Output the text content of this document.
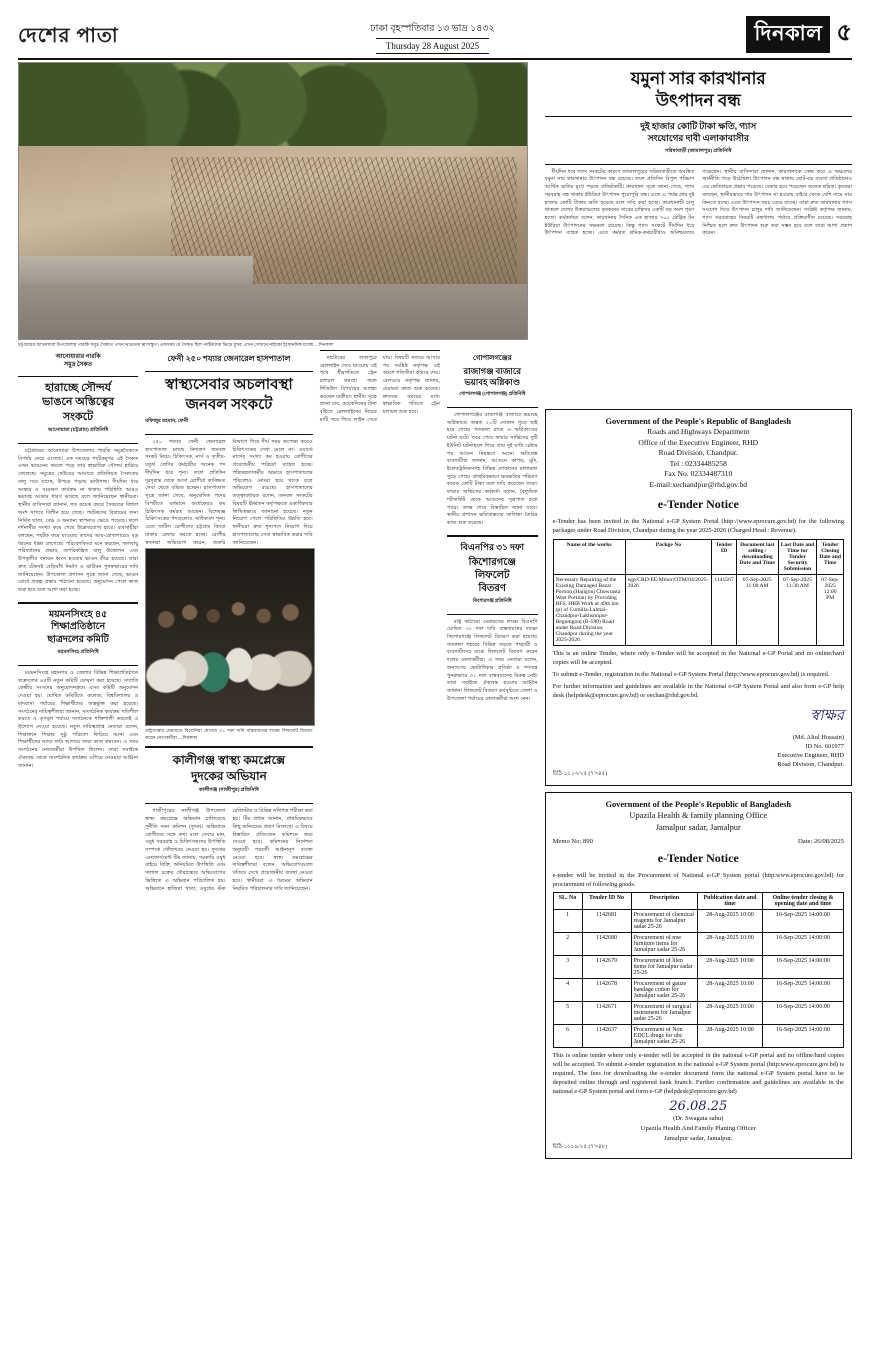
দেশের পাতা	ঢাকা বৃহস্পতিবার ১৩ ভাদ্র ১৪৩২
Thursday 28 August 2025
দিনকাল ৫
আনোয়ারার পারকি
সমুদ্র সৈকত
হারাচ্ছে সৌন্দর্য
ভাঙনে অস্তিত্বের
সংকটে
আনোয়ারা (চট্টগ্রাম) প্রতিনিধি

চট্টগ্রামের আনোয়ারা উপজেলার পারকি সমুদ্রসৈকতে বিপর্যয় নেমে এসেছে। এক সময়ের পর্যটকমুখর এই সৈকত এখন ভাঙনের কবলে পড়ে তার স্বাভাবিক সৌন্দর্য হারিয়ে ফেলেছে। সমুদ্রের ঢেউয়ের আঘাতে প্রতিনিয়ত সৈকতের বালু সরে যাচ্ছে, উপড়ে পড়ছে ঝাউগাছ। দীর্ঘদিন ধরে সংস্কার ও সংরক্ষণ কার্যক্রম না থাকায় পরিস্থিতি আরও ভয়াবহ আকার ধারণ করেছে বলে জানিয়েছেন স্থানীয়রা। স্থানীয় বাসিন্দারা জানান, গত কয়েক বছরে সৈকতের বিশাল অংশ সাগরে বিলীন হয়ে গেছে। পর্যটকদের বিশ্রামের জন্য নির্মিত ছাতা, বেঞ্চ ও অন্যান্য স্থাপনাও ভেঙে পড়েছে। ফলে দর্শনার্থীর সংখ্যা কমে গেছে উল্লেখযোগ্য হারে। ব্যবসায়ীরা বলছেন, পর্যটক কমে যাওয়ায় তাদের আয়-রোজগারেও বড় ধরনের ধাক্কা লেগেছে। পরিবেশবিদরা মনে করছেন, জলবায়ু পরিবর্তনের প্রভাব, অপরিকল্পিত বালু উত্তোলন এবং উপকূলীয় বনায়ন ধ্বংস হওয়ায় ভাঙন তীব্র হয়েছে। তারা দ্রুত টেকসই বেড়িবাঁধ নির্মাণ ও ঝাউবন পুনরুদ্ধারের দাবি জানিয়েছেন। উপজেলা প্রশাসন সূত্রে জানা গেছে, ভাঙন রোধে প্রকল্প প্রস্তাব পাঠানো হয়েছে। অনুমোদন পেলে কাজ শুরু হবে বলে আশা করা হচ্ছে।

ময়মনসিংহে ৪৫
শিক্ষাপ্রতিষ্ঠানে
ছাত্রদলের কমিটি
ময়মনসিংহ প্রতিনিধি

ময়মনসিংহে মহানগর ও জেলার বিভিন্ন শিক্ষাপ্রতিষ্ঠানে ছাত্রদলের ৪৫টি নতুন কমিটি ঘোষণা করা হয়েছে। সম্প্রতি কেন্দ্রীয় সংসদের অনুমোদনক্রমে এসব কমিটি অনুমোদন দেওয়া হয়। ঘোষিত কমিটিতে কলেজ, বিশ্ববিদ্যালয় ও মাদরাসা পর্যায়ের শিক্ষার্থীদের অন্তর্ভুক্ত করা হয়েছে। সংগঠনের দায়িত্বশীলরা জানান, সাংগঠনিক কার্যক্রম গতিশীল করতে ও তৃণমূল পর্যায়ে সংগঠনকে শক্তিশালী করতেই এ উদ্যোগ নেওয়া হয়েছে। নতুন দায়িত্বপ্রাপ্ত নেতারা বলেন, শিক্ষাঙ্গনে শিক্ষার সুষ্ঠু পরিবেশ ফিরিয়ে আনা এবং শিক্ষার্থীদের ন্যায্য দাবি আদায়ে তারা কাজ করবেন। এ সময় সংগঠনের নেতাকর্মীরা উপস্থিত ছিলেন। তারা সবাইকে ঐক্যবদ্ধ থেকে সাংগঠনিক কার্যক্রম এগিয়ে নেওয়ার আহ্বান জানান।

ফেনী ২৫০ শয্যার জেনারেল হাসপাতাল
স্বাস্থ্যসেবার অচলাবস্থা
জনবল সংকটে
মফিজুর রহমান, ফেনী

২৫০ শয্যার ফেনী জেনারেল হাসপাতাল চলছে নিদারুণ জনবল সংকট নিয়ে। চিকিৎসক, নার্স ও তৃতীয়-চতুর্থ শ্রেণির কর্মচারীর অনেক পদ দীর্ঘদিন ধরে শূন্য। ফলে প্রতিদিন দূরদূরান্ত থেকে আসা রোগীরা কাঙ্ক্ষিত সেবা থেকে বঞ্চিত হচ্ছেন। হাসপাতাল সূত্রে জানা গেছে, অনুমোদিত পদের বিপরীতে বর্তমানে অর্ধেকেরও কম চিকিৎসক কর্মরত আছেন। বিশেষজ্ঞ চিকিৎসকের পদগুলোও অধিকাংশ শূন্য। এতে জটিল রোগীদের চট্টগ্রাম কিংবা ঢাকায় রেফার করতে হচ্ছে। রোগীর স্বজনরা অভিযোগ করেন, জরুরি বিভাগে গিয়ে দীর্ঘ সময় অপেক্ষা করেও চিকিৎসকের দেখা মেলে না। ওয়ার্ডে নার্সের সংখ্যা কম হওয়ায় রোগীদের প্রয়োজনীয় পরিচর্যা ব্যাহত হচ্ছে। পরিচ্ছন্নতাকর্মীর অভাবে হাসপাতালের পরিবেশও নোংরা হয়ে থাকে বলে অভিযোগ রয়েছে। হাসপাতালের তত্ত্বাবধায়ক বলেন, জনবল সংকটের বিষয়টি ঊর্ধ্বতন কর্তৃপক্ষকে একাধিকবার লিখিতভাবে জানানো হয়েছে। নতুন নিয়োগ পেলে পরিস্থিতির উন্নতি হবে। স্থানীয়রা দ্রুত শূন্যপদে নিয়োগ দিয়ে হাসপাতালের সেবা স্বাভাবিক করার দাবি জানিয়েছেন।

রাষ্ট্রসংস্কার মেরামতে বিলেনিয়া যোগদে ৩১ দফা দাবি বাস্তবায়নের লক্ষ্যে লিফলেট বিতরণ করেন নেতাকর্মীরা —দিনকাল
কালীগঞ্জ স্বাস্থ্য কমপ্লেক্সে
দুদকের অভিযান
কালীগঞ্জ (গাজীপুর) প্রতিনিধি

গাজীপুরের কালীগঞ্জ উপজেলা স্বাস্থ্য কমপ্লেক্সে অভিযান চালিয়েছে দুর্নীতি দমন কমিশন (দুদক)। অভিযানে রোগীদের সঙ্গে কথা বলে সেবার মান, ওষুধ সরবরাহ ও চিকিৎসকদের উপস্থিতি সম্পর্কে খোঁজখবর নেওয়া হয়। দুদকের এনফোর্সমেন্ট টিম জানায়, সরকারি ওষুধ বাইরে বিক্রি, অনিয়মিত উপস্থিতি এবং দালাল চক্রের দৌরাত্ম্যের অভিযোগের ভিত্তিতে এ অভিযান পরিচালিত হয়। অভিযানে হাজিরা খাতা, ওষুধের স্টক রেজিস্টার ও বিভিন্ন নথিপত্র পরীক্ষা করা হয়। টিম প্রধান জানান, প্রাথমিকভাবে কিছু অনিয়মের প্রমাণ মিলেছে। এ বিষয়ে বিস্তারিত প্রতিবেদন কমিশনে জমা দেওয়া হবে। কমিশনের নির্দেশনা অনুযায়ী পরবর্তী আইনানুগ ব্যবস্থা নেওয়া হবে। স্বাস্থ্য কমপ্লেক্সের দায়িত্বশীলরা বলেন, অভিযোগগুলো খতিয়ে দেখে প্রয়োজনীয় ব্যবস্থা নেওয়া হবে। স্থানীয়রা এ ধরনের অভিযান নিয়মিত পরিচালনার দাবি জানিয়েছেন।

নাটোরের লালপুরে রেললাইন দেবে যাওয়ায় ওই পথে ধীরগতিতে ট্রেন চলাচল করছে। ফলে শিডিউল বিপর্যয়ের আশঙ্কা করছেন যাত্রীরা। স্থানীয় সূত্রে জানা যায়, কয়েকদিনের টানা বৃষ্টিতে রেললাইনের নিচের মাটি সরে গিয়ে লাইন দেবে যায়। বিষয়টি নজরে আসার পর সংশ্লিষ্ট কর্তৃপক্ষ ওই অংশে গতিসীমা কমিয়ে দেয়। রেলওয়ে কর্তৃপক্ষ জানায়, মেরামত কাজ শুরু হয়েছে। দ্রুততম সময়ের মধ্যে স্বাভাবিক গতিতে ট্রেন চলাচল শুরু হবে।

গোপালগঞ্জের
রাজাগঞ্জ বাজারে
ভয়াবহ অগ্নিকাণ্ড
গোপালগঞ্জ (গোপালগঞ্জ) প্রতিনিধি

গোপালগঞ্জের রাজাগঞ্জ বাজারে ভয়াবহ অগ্নিকাণ্ডে অন্তত ২০টি দোকান পুড়ে ছাই হয়ে গেছে। গতকাল রাতে এ অগ্নিকাণ্ডের ঘটনা ঘটে। খবর পেয়ে ফায়ার সার্ভিসের দুটি ইউনিট ঘটনাস্থলে গিয়ে প্রায় দুই ঘণ্টা চেষ্টার পর আগুন নিয়ন্ত্রণে আনে। ক্ষতিগ্রস্ত ব্যবসায়ীরা জানান, আগুনে কাপড়, মুদি, ইলেকট্রনিকসসহ বিভিন্ন দোকানের মালামাল পুড়ে গেছে। প্রাথমিকভাবে ক্ষয়ক্ষতির পরিমাণ কয়েক কোটি টাকা বলে দাবি করেছেন তারা। ফায়ার সার্ভিসের কর্মকর্তা বলেন, বৈদ্যুতিক শর্টসার্কিট থেকে আগুনের সূত্রপাত হতে পারে। তদন্ত শেষে বিস্তারিত জানা যাবে। স্থানীয় প্রশাসন ক্ষতিগ্রস্তদের তালিকা তৈরির কাজ শুরু করেছে।

বিএনপির ৩১ দফা
কিশোরগঞ্জে
লিফলেট
বিতরণ
কিশোরগঞ্জ প্রতিনিধি

রাষ্ট্র কাঠামো মেরামতের লক্ষ্যে বিএনপি ঘোষিত ৩১ দফা দাবি বাস্তবায়নের লক্ষ্যে কিশোরগঞ্জে লিফলেট বিতরণ করা হয়েছে। গতকাল শহরের বিভিন্ন সড়কে পথচারী ও ব্যবসায়ীদের মাঝে লিফলেট বিতরণ করেন দলের নেতাকর্মীরা। এ সময় নেতারা বলেন, জনগণের ভোটাধিকার প্রতিষ্ঠা ও গণতন্ত্র পুনরুদ্ধারে ৩১ দফা বাস্তবায়নের বিকল্প নেই। তারা সবাইকে ঐক্যবদ্ধ হওয়ার আহ্বান জানান। লিফলেট বিতরণ কর্মসূচিতে জেলা ও উপজেলা পর্যায়ের নেতাকর্মীরা অংশ নেন।

যমুনা সার কারখানার
উৎপাদন বন্ধ
দুই হাজার কোটি টাকা ক্ষতি, গ্যাস
সংযোগের দাবী এলাকাবাসীর
সরিষাবাড়ী (জামালপুর) প্রতিনিধি

দীর্ঘদিন ধরে গ্যাস সংকটের কারণে জামালপুরের সরিষাবাড়ীতে অবস্থিত যমুনা সার কারখানার উৎপাদন বন্ধ রয়েছে। ফলে প্রতিদিন বিপুল পরিমাণ আর্থিক ক্ষতির মুখে পড়ছে প্রতিষ্ঠানটি। কারখানা সূত্রে জানা গেছে, গ্যাস সরবরাহ বন্ধ থাকায় ইউরিয়া উৎপাদন পুরোপুরি বন্ধ। এতে এ পর্যন্ত প্রায় দুই হাজার কোটি টাকার ক্ষতি হয়েছে বলে দাবি করা হচ্ছে। কারখানাটি চালু থাকলে দেশের উত্তরাঞ্চলের কৃষকদের সারের চাহিদার একটি বড় অংশ পূরণ হতো। কর্মকর্তারা বলেন, কারখানায় দৈনিক এক হাজার ৭০০ মেট্রিক টন ইউরিয়া উৎপাদনের সক্ষমতা রয়েছে। কিন্তু গ্যাস সংকটে দীর্ঘদিন ধরে উৎপাদন ব্যাহত হচ্ছে। এতে কর্মরত শ্রমিক-কর্মচারীরাও অনিশ্চয়তায় পড়েছেন। স্থানীয় বাসিন্দারা জানান, কারখানাকে কেন্দ্র করে এ অঞ্চলের অর্থনীতি গড়ে উঠেছিল। উৎপাদন বন্ধ থাকায় ছোট-বড় ব্যবসা প্রতিষ্ঠানেও এর নেতিবাচক প্রভাব পড়েছে। বেকার হয়ে পড়েছেন অনেক শ্রমিক। কৃষকরা বলছেন, স্থানীয়ভাবে সার উৎপাদন না হওয়ায় বাইরে থেকে বেশি দামে সার কিনতে হচ্ছে। এতে উৎপাদন খরচ বেড়ে যাচ্ছে। তারা দ্রুত কারখানায় গ্যাস সংযোগ দিয়ে উৎপাদন চালুর দাবি জানিয়েছেন। সংশ্লিষ্ট কর্তৃপক্ষ জানায়, গ্যাস সরবরাহের বিষয়টি মন্ত্রণালয় পর্যায়ে প্রক্রিয়াধীন রয়েছে। সরবরাহ নিশ্চিত হলে দ্রুত উৎপাদন শুরু করা সম্ভব হবে বলে তারা আশা প্রকাশ করেন।

Government of the People's Republic of Bangladesh
Roads and Highways Department
Office of the Executive Engineer, RHD
Road Division, Chandpur.
Tel : 02334485258
Fax No. 02334487310
E-mail:xechandpur@rhd.gov.bd
e-Tender Notice
e-Tender has been invited in the National e-GP System Portal (http://www.eprocure.gov.bd) for the following packages under Road Division, Chandpur during the year 2025-2026 (Charged Head : Revenue).
Name of the works	Packge No	Tender ID	Document last selling / downloading Date and Time	Last Date and Time for Tender Security Submission	Tender Closing Date and Time
Necessary Repairing of the Existing Damaged Bazar Portion (Hajigonj Chowrasta West Portion) by Providing BFS, HBB Work at 49th km (p) of Cumilla-Lalmai- Chandpur-Lakhsmipur- Begumgonj (R-180) Road under Road Division, Chandpur during the year 2025-2026.	egp/CRD/EE/Minor/OTM/04/2025-2026	1141567	07-Sep-2025 11:00 AM	07-Sep-2025 11:30 AM	07-Sep-2025 12:00 PM
This is an online Tender, where only e-Tender will be accepted in the National e-GP Portal and no online/hard copies will be accepted.
To submit e-Tender, registration in the National e-GP System Portal (http://www.eprocure.gov.bd) is required.
For further information and guidelines are available in the National e-GP System Portal and also form e-GP help desk (helpdesk@eprocure.gov.bd) or eechan@rhd.gov.bd.
স্বাক্ষর
(Md. Aliul Hossain)
ID No. 601977
Executive Engineer, RHD
Road Division, Chandpur.
চিঠি-১১১৩/২৫ (৭'×৪৫)
Government of the People's Republic of Bangladesh
Upazila Health & family planning Office
Jamalpur sadar, Jamalpur
Memo No: 890	Date: 26/08/2025
e-Tender Notice
e-tender will be invited in the Procurement of National e-GP System portal (http:www.eprocure.gov.bd) for procurement of following goods.
SL. No	Tender ID No	Description	Publication date and time	Online tender closing & opening date and time
1	1142681	Procurement of chemical reagents for Jamalpur sadar 25-26	28-Aug-2025 10:00	16-Sep-2025 14:00:00
2	1142680	Procurement of msr furniture items for Jamalpur sadar 25-26	28-Aug-2025 10:00	16-Sep-2025 14:00:00
3	1142679	Procurement of lilen items for Jamalpur sadar 25-26	28-Aug-2025 10:00	16-Sep-2025 14:00:00
4	1142678	Procurement of gauze bandage cotton for Jamalpur sadar 25-26	28-Aug-2025 10:00	16-Sep-2025 14:00:00
5	1142671	Procurement of surgical instrument for Jamalpur sadar 25-26	28-Aug-2025 10:00	16-Sep-2025 14:00:00
6	1142637	Procurement of Non EDCL drugs for ubc Jamalpur sadar 25-26	28-Aug-2025 10:00	16-Sep-2025 14:00:00
This is online tender where only e-tender will be accepted in the national e-GP portal and no offline/hard copies will be accepted. To submit e-tender registration in the national e-GP System portal (http:www.eprocure.gov.bd) is required. The fees for downloading the e-tender document form the national e-GP System portal have to be deposited online through and registered bank branch. Further confirmation and guidelines are available in the national e-GP System portal and form e-GP (helpdesk@eprocure.gov.bd)
26.08.25
(Dr. Swagata sahu)
Upazila Health And Family Planing Officer
Jamalpur sadar, Jamalpur.
চিঠি-১১১৯/২৫ (৭'×৪৮)
চট্টগ্রামের আনোয়ারা উপজেলার পারকি সমুদ্র সৈকতে এখন ভাঙনের ধ্বংসস্তূপ। একসময় যে সৈকত ছিল পর্যটকদের ভিড়ে মুখর, এখন সেখানে নাইকো ইকোনমিক যাচ্ছে —দিনকাল
